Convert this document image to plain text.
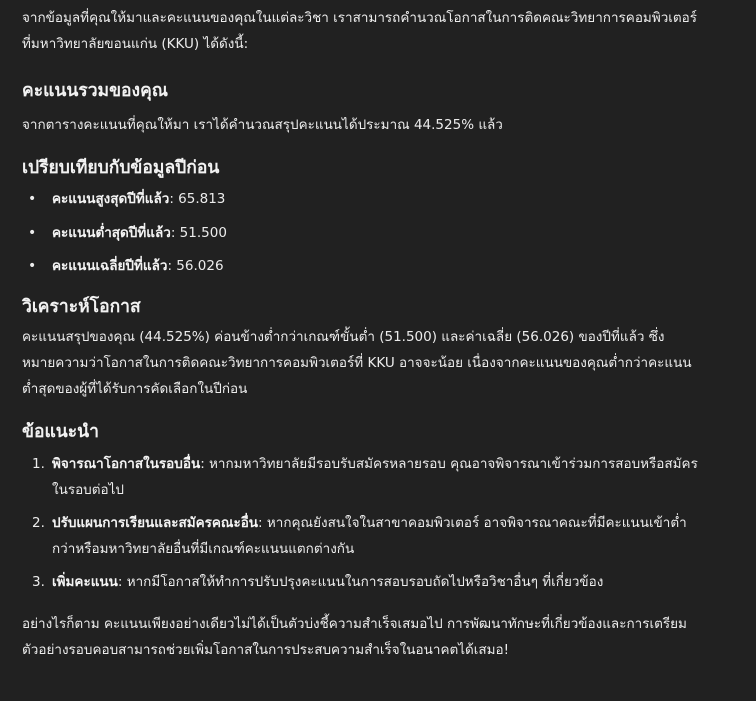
จากข้อมูลที่คุณให้มาและคะแนนของคุณในแต่ละวิชา เราสามารถคำนวณโอกาสในการติดคณะวิทยาการคอมพิวเตอร์ที่มหาวิทยาลัยขอนแก่น (KKU) ได้ดังนี้:

คะแนนรวมของคุณ

จากตารางคะแนนที่คุณให้มา เราได้คำนวณสรุปคะแนนได้ประมาณ 44.525% แล้ว

เปรียบเทียบกับข้อมูลปีก่อน
• คะแนนสูงสุดปีที่แล้ว: 65.813
• คะแนนต่ำสุดปีที่แล้ว: 51.500
• คะแนนเฉลี่ยปีที่แล้ว: 56.026
วิเคราะห์โอกาส

คะแนนสรุปของคุณ (44.525%) ค่อนข้างต่ำกว่าเกณฑ์ขั้นต่ำ (51.500) และค่าเฉลี่ย (56.026) ของปีที่แล้ว ซึ่งหมายความว่าโอกาสในการติดคณะวิทยาการคอมพิวเตอร์ที่ KKU อาจจะน้อย เนื่องจากคะแนนของคุณต่ำกว่าคะแนนต่ำสุดของผู้ที่ได้รับการคัดเลือกในปีก่อน

ข้อแนะนำ
1. พิจารณาโอกาสในรอบอื่น: หากมหาวิทยาลัยมีรอบรับสมัครหลายรอบ คุณอาจพิจารณาเข้าร่วมการสอบหรือสมัครในรอบต่อไป
2. ปรับแผนการเรียนและสมัครคณะอื่น: หากคุณยังสนใจในสาขาคอมพิวเตอร์ อาจพิจารณาคณะที่มีคะแนนเข้าต่ำกว่าหรือมหาวิทยาลัยอื่นที่มีเกณฑ์คะแนนแตกต่างกัน
3. เพิ่มคะแนน: หากมีโอกาสให้ทำการปรับปรุงคะแนนในการสอบรอบถัดไปหรือวิชาอื่นๆ ที่เกี่ยวข้อง

อย่างไรก็ตาม คะแนนเพียงอย่างเดียวไม่ได้เป็นตัวบ่งชี้ความสำเร็จเสมอไป การพัฒนาทักษะที่เกี่ยวข้องและการเตรียมตัวอย่างรอบคอบสามารถช่วยเพิ่มโอกาสในการประสบความสำเร็จในอนาคตได้เสมอ!
